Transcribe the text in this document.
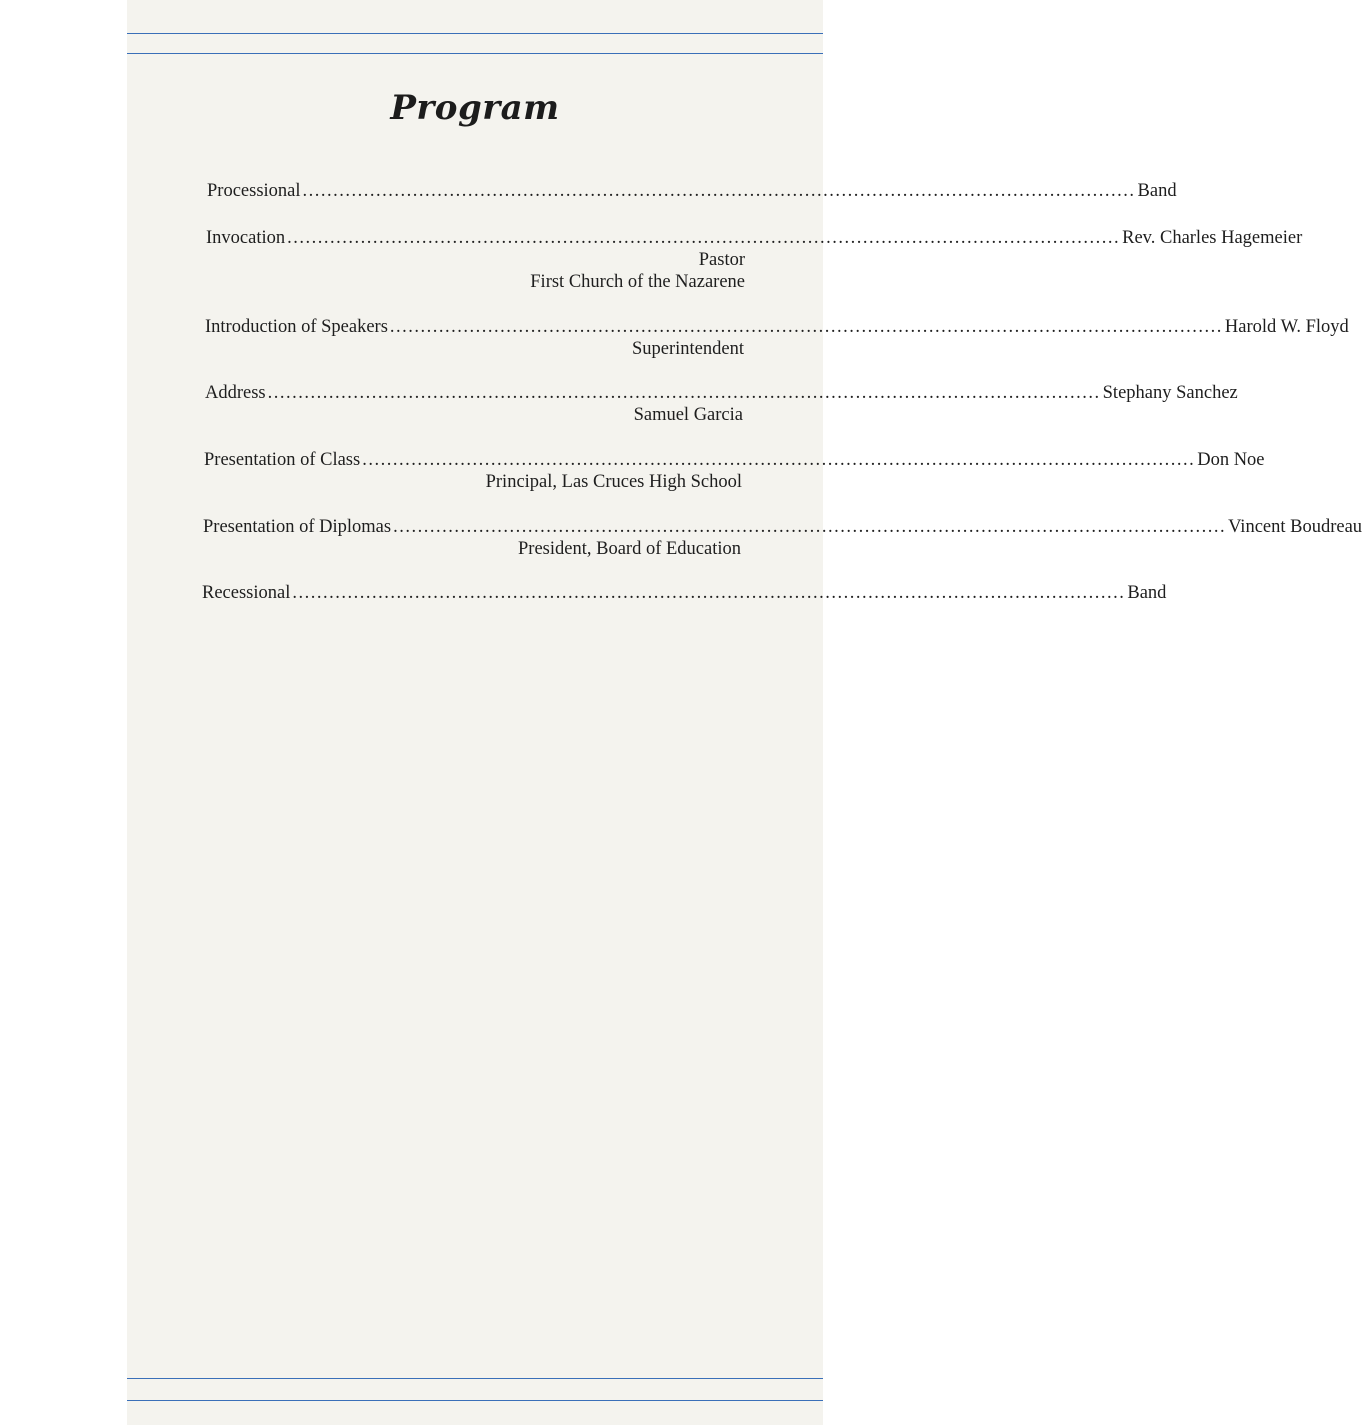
Program
Processional ........................................................................................................................................ Band
Invocation ........................................................................................................................................ Rev. Charles Hagemeier
Pastor
First Church of the Nazarene
Introduction of Speakers ........................................................................................................................................ Harold W. Floyd
Superintendent
Address ........................................................................................................................................ Stephany Sanchez
Samuel Garcia
Presentation of Class ........................................................................................................................................ Don Noe
Principal, Las Cruces High School
Presentation of Diplomas ........................................................................................................................................ Vincent Boudreau
President, Board of Education
Recessional ........................................................................................................................................ Band
